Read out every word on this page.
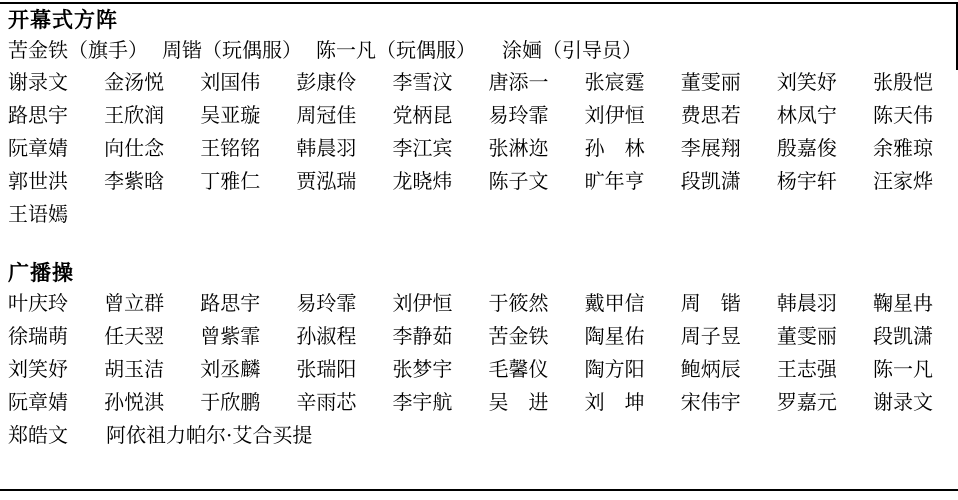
开幕式方阵
苦金铁（旗手） 周锴（玩偶服） 陈一凡（玩偶服） 涂婳（引导员）
谢录文 金汤悦 刘国伟 彭康伶 李雪汶 唐添一 张宸霆 董雯丽 刘笑妤 张殷恺
路思宇 王欣润 吴亚璇 周冠佳 党柄昆 易玲霏 刘伊恒 费思若 林凤宁 陈天伟
阮章婧 向仕念 王铭铭 韩晨羽 李江宾 张淋迩 孙　林 李展翔 殷嘉俊 余雅琼
郭世洪 李紫晗 丁雅仁 贾泓瑞 龙晓炜 陈子文 旷年亨 段凯潇 杨宇轩 汪家烨
王语嫣
广播操
叶庆玲 曾立群 路思宇 易玲霏 刘伊恒 于筱然 戴甲信 周　锴 韩晨羽 鞠星冉
徐瑞萌 任天翌 曾紫霏 孙淑程 李静茹 苦金铁 陶星佑 周子昱 董雯丽 段凯潇
刘笑妤 胡玉洁 刘丞麟 张瑞阳 张梦宇 毛馨仪 陶方阳 鲍炳辰 王志强 陈一凡
阮章婧 孙悦淇 于欣鹏 辛雨芯 李宇航 吴　进 刘　坤 宋伟宇 罗嘉元 谢录文
郑皓文 阿依祖力帕尔·艾合买提
